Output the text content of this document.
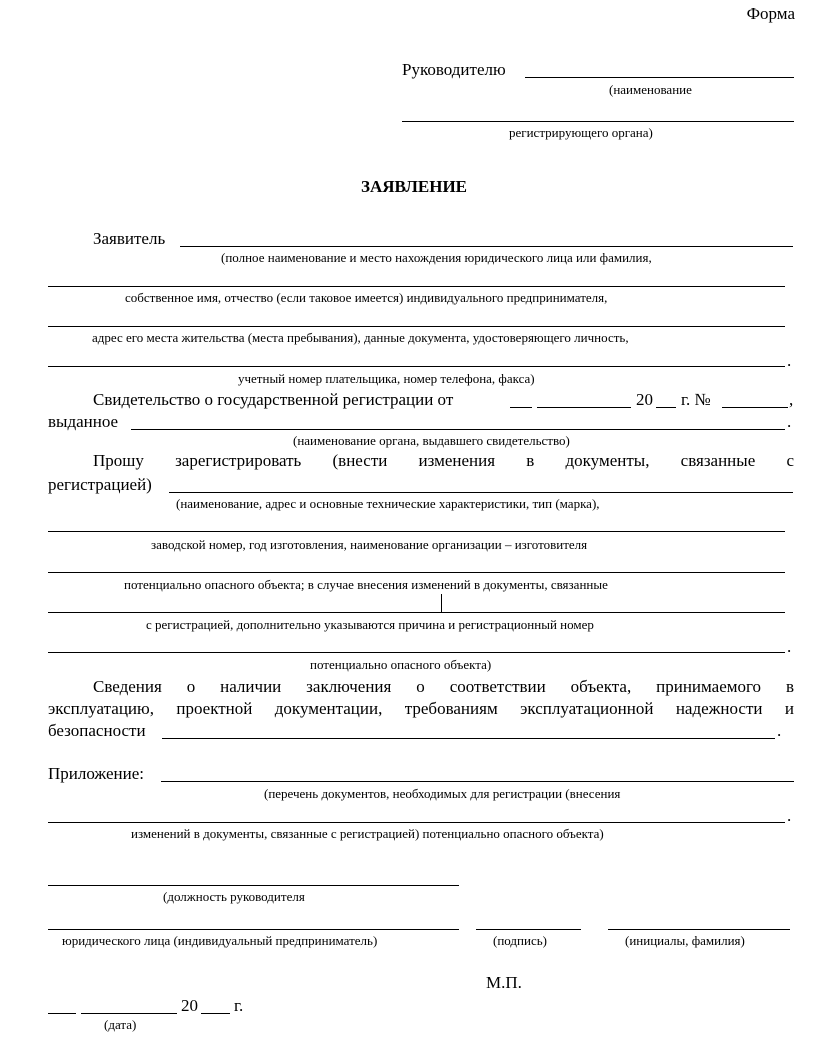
Форма
Руководителю
(наименование
регистрирующего органа)
ЗАЯВЛЕНИЕ
Заявитель
(полное наименование и место нахождения юридического лица или фамилия,
собственное имя, отчество (если таковое имеется) индивидуального предпринимателя,
адрес его места жительства (места пребывания), данные документа, удостоверяющего личность,
.
учетный номер плательщика, номер телефона, факса)
Свидетельство о государственной регистрации от	20 г. №	,
выданное	.
(наименование органа, выдавшего свидетельство)
Прошу зарегистрировать (внести изменения в документы, связанные с
регистрацией)
(наименование, адрес и основные технические характеристики, тип (марка),
заводской номер, год изготовления, наименование организации – изготовителя
потенциально опасного объекта; в случае внесения изменений в документы, связанные
с регистрацией, дополнительно указываются причина и регистрационный номер
.
потенциально опасного объекта)
Сведения о наличии заключения о соответствии объекта, принимаемого в
эксплуатацию, проектной документации, требованиям эксплуатационной надежности и
безопасности	.
Приложение:
(перечень документов, необходимых для регистрации (внесения
.
изменений в документы, связанные с регистрацией) потенциально опасного объекта)
(должность руководителя
юридического лица (индивидуальный предприниматель)	(подпись)	(инициалы, фамилия)
М.П.
20 г.
(дата)
